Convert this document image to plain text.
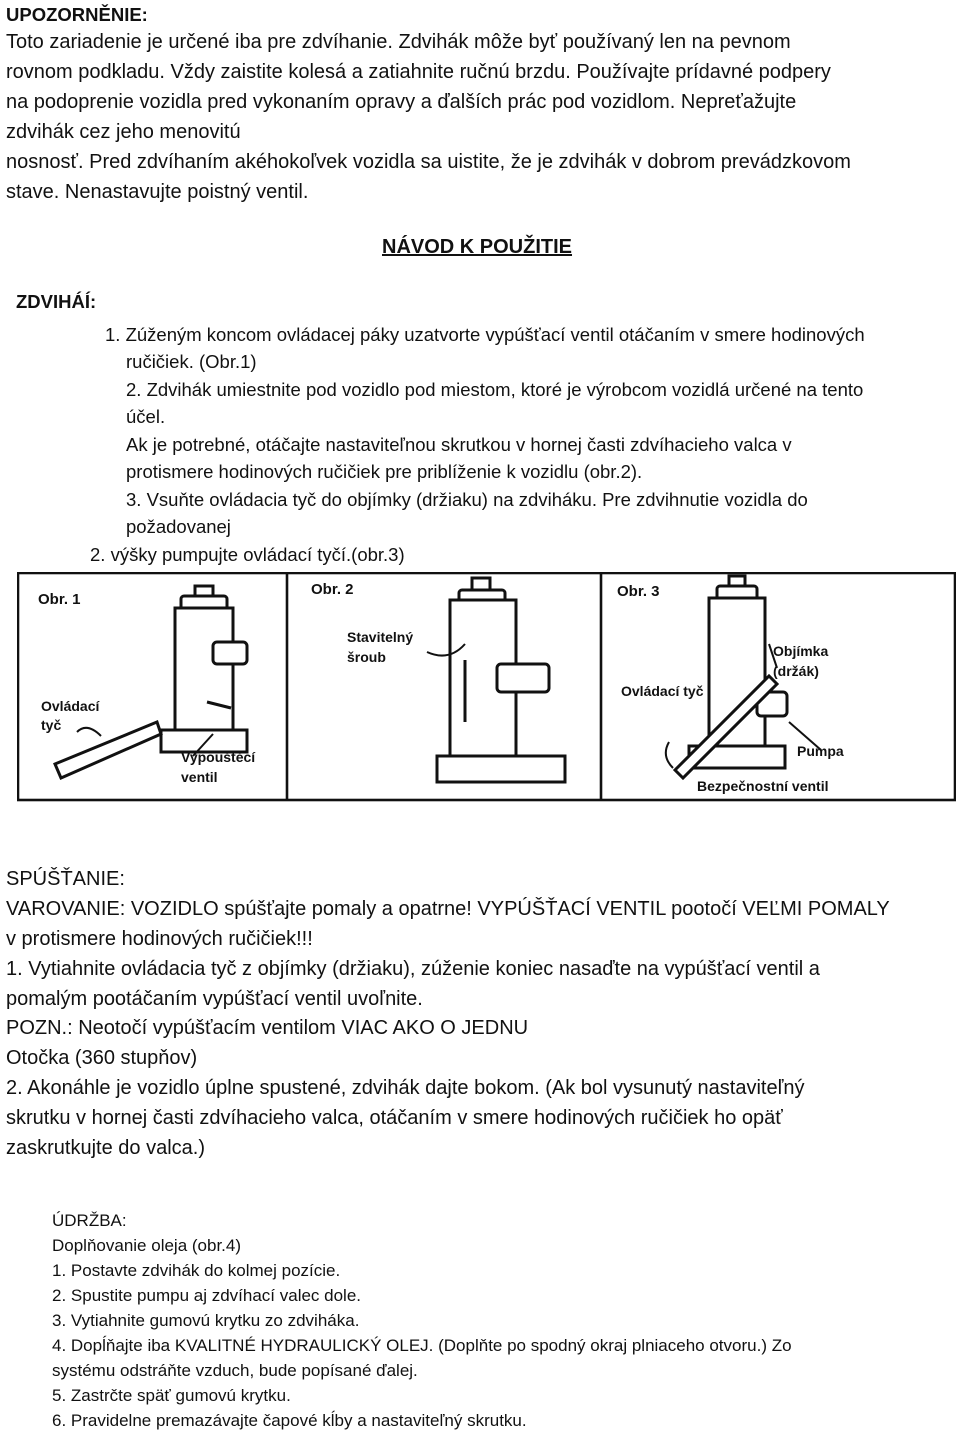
UPOZORNĚNIE:
Toto zariadenie je určené iba pre zdvíhanie. Zdvihák môže byť používaný len na pevnom
rovnom podkladu. Vždy zaistite kolesá a zatiahnite ručnú brzdu. Používajte prídavné podpery
na podoprenie vozidla pred vykonaním opravy a ďalších prác pod vozidlom. Nepreťažujte
zdvihák cez jeho menovitú
nosnosť. Pred zdvíhaním akéhokoľvek vozidla sa uistite, že je zdvihák v dobrom prevádzkovom
stave. Nenastavujte poistný ventil.
NÁVOD K POUŽITIE
ZDVIHÁÍ:
1. Zúženým koncom ovládacej páky uzatvorte vypúšťací ventil otáčaním v smere hodinových
ručičiek. (Obr.1)
2. Zdvihák umiestnite pod vozidlo pod miestom, ktoré je výrobcom vozidlá určené na tento
účel.
Ak je potrebné, otáčajte nastaviteľnou skrutkou v hornej časti zdvíhacieho valca v
protismere hodinových ručičiek pre priblíženie k vozidlu (obr.2).
3. Vsuňte ovládacia tyč do objímky (držiaku) na zdviháku. Pre zdvihnutie vozidla do
požadovanej
2. výšky pumpujte ovládací tyčí.(obr.3)
Obr. 1
Ovládací
tyč
Vypouštěcí
ventil
Obr. 2
Stavitelný
šroub
Obr. 3
Ovládací tyč
Objímka
(držák)
Pumpa
Bezpečnostní ventil
SPÚŠŤANIE:
VAROVANIE: VOZIDLO spúšťajte pomaly a opatrne! VYPÚŠŤACÍ VENTIL pootočí VEĽMI POMALY
v protismere hodinových ručičiek!!!
1. Vytiahnite ovládacia tyč z objímky (držiaku), zúženie koniec nasaďte na vypúšťací ventil a
pomalým pootáčaním vypúšťací ventil uvoľnite.
POZN.: Neotočí vypúšťacím ventilom VIAC AKO O JEDNU
Otočka (360 stupňov)
2. Akonáhle je vozidlo úplne spustené, zdvihák dajte bokom. (Ak bol vysunutý nastaviteľný
skrutku v hornej časti zdvíhacieho valca, otáčaním v smere hodinových ručičiek ho opäť
zaskrutkujte do valca.)
ÚDRŽBA:
Doplňovanie oleja (obr.4)
1. Postavte zdvihák do kolmej pozície.
2. Spustite pumpu aj zdvíhací valec dole.
3. Vytiahnite gumovú krytku zo zdviháka.
4. Dopĺňajte iba KVALITNÉ HYDRAULICKÝ OLEJ. (Doplňte po spodný okraj plniaceho otvoru.) Zo
systému odstráňte vzduch, bude popísané ďalej.
5. Zastrčte späť gumovú krytku.
6. Pravidelne premazávajte čapové kĺby a nastaviteľný skrutku.
